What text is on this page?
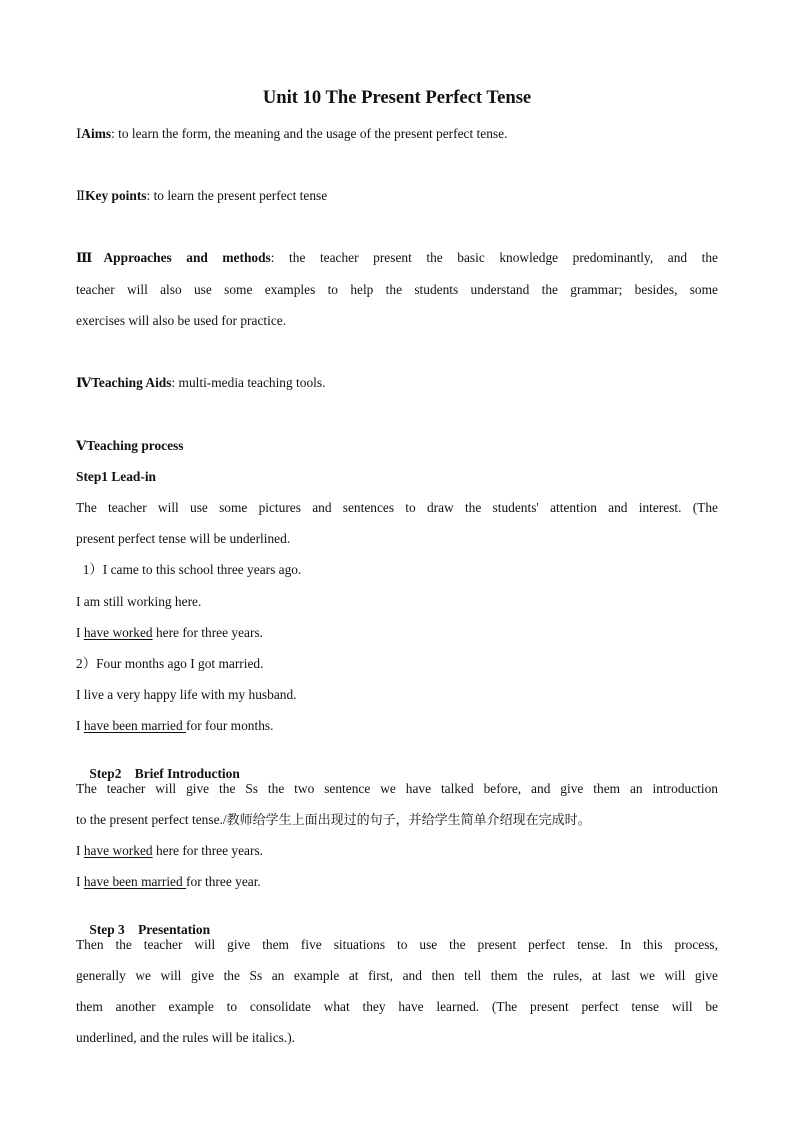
Unit 10 The Present Perfect Tense
ⅠAims: to learn the form, the meaning and the usage of the present perfect tense.
ⅡKey points: to learn the present perfect tense
ⅢApproaches and methods: the teacher present the basic knowledge predominantly, and the
teacher will also use some examples to help the students understand the grammar; besides, some
exercises will also be used for practice.
ⅣTeaching Aids: multi-media teaching tools.
ⅤTeaching process
Step1 Lead-in
The teacher will use some pictures and sentences to draw the students' attention and interest. (The
present perfect tense will be underlined.
1）I came to this school three years ago.
I am still working here.
I have worked here for three years.
2）Four months ago I got married.
I live a very happy life with my husband.
I have been married for four months.

Step2    Brief Introduction

The teacher will give the Ss the two sentence we have talked before, and give them an introduction
to the present perfect tense./教师给学生上面出现过的句子，并给学生简单介绍现在完成时。
I have worked here for three years.
I have been married for three year.

Step 3    Presentation

Then the teacher will give them five situations to use the present perfect tense. In this process,
generally we will give the Ss an example at first, and then tell them the rules, at last we will give
them another example to consolidate what they have learned. (The present perfect tense will be
underlined, and the rules will be italics.).
